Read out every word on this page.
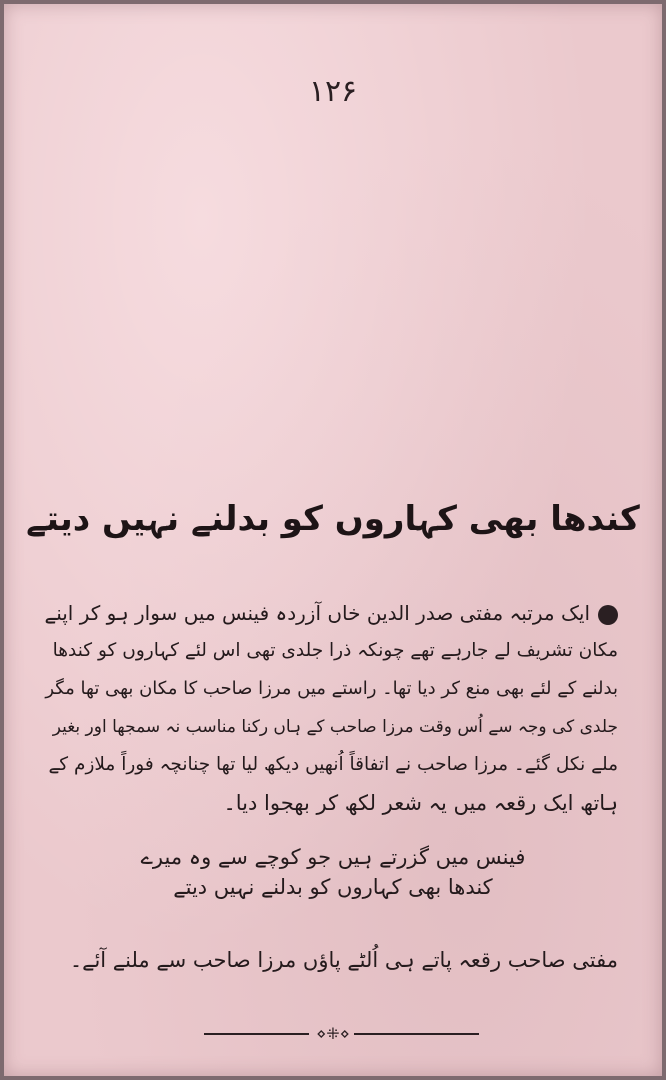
۱۲۶
کندھا بھی کہاروں کو بدلنے نہیں دیتے
ایک مرتبہ مفتی صدر الدین خاں آزردہ فینس میں سوار ہو کر اپنے
مکان تشریف لے جارہے تھے چونکہ ذرا جلدی تھی اس لئے کہاروں کو کندھا
بدلنے کے لئے بھی منع کر دیا تھا۔ راستے میں مرزا صاحب کا مکان بھی تھا مگر
جلدی کی وجہ سے اُس وقت مرزا صاحب کے ہاں رکنا مناسب نہ سمجھا اور بغیر
ملے نکل گئے۔ مرزا صاحب نے اتفاقاً اُنھیں دیکھ لیا تھا چنانچہ فوراً ملازم کے
ہاتھ ایک رقعہ میں یہ شعر لکھ کر بھجوا دیا۔
فینس میں گزرتے ہیں جو کوچے سے وہ میرے
کندھا بھی کہاروں کو بدلنے نہیں دیتے
مفتی صاحب رقعہ پاتے ہی اُلٹے پاؤں مرزا صاحب سے ملنے آئے۔
⋄⁜⋄
